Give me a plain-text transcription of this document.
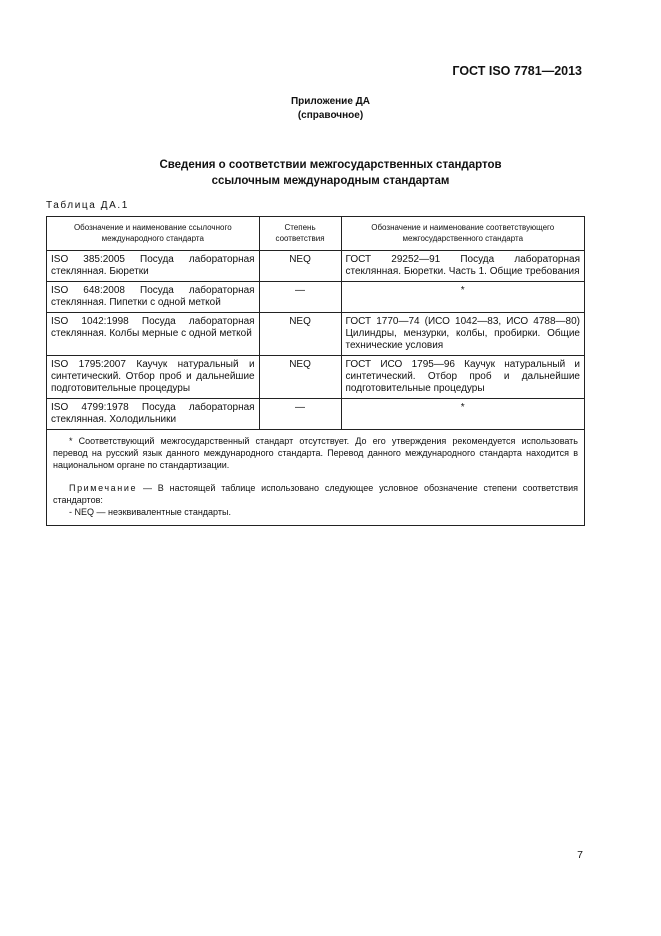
ГОСТ ISO 7781—2013
Приложение ДА
(справочное)
Сведения о соответствии межгосударственных стандартов
ссылочным международным стандартам
Таблица ДА.1
Обозначение и наименование ссылочного международного стандарта	Степень соответствия	Обозначение и наименование соответствующего межгосударственного стандарта
ISO 385:2005 Посуда лабораторная стеклянная. Бюретки	NEQ	ГОСТ 29252—91 Посуда лабораторная стеклянная. Бюретки. Часть 1. Общие требования
ISO 648:2008 Посуда лабораторная стеклянная. Пипетки с одной меткой	—	*
ISO 1042:1998 Посуда лабораторная стеклянная. Колбы мерные с одной меткой	NEQ	ГОСТ 1770—74 (ИСО 1042—83, ИСО 4788—80) Цилиндры, мензурки, колбы, пробирки. Общие технические условия
ISO 1795:2007 Каучук натуральный и синтетический. Отбор проб и дальнейшие подготовительные процедуры	NEQ	ГОСТ ИСО 1795—96 Каучук натуральный и синтетический. Отбор проб и дальнейшие подготовительные процедуры
ISO 4799:1978 Посуда лабораторная стеклянная. Холодильники	—	*

* Соответствующий межгосударственный стандарт отсутствует. До его утверждения рекомендуется использовать перевод на русский язык данного международного стандарта. Перевод данного международного стандарта находится в национальном органе по стандартизации.

Примечание — В настоящей таблице использовано следующее условное обозначение степени соответствия стандартов:

- NEQ — неэквивалентные стандарты.		

7
